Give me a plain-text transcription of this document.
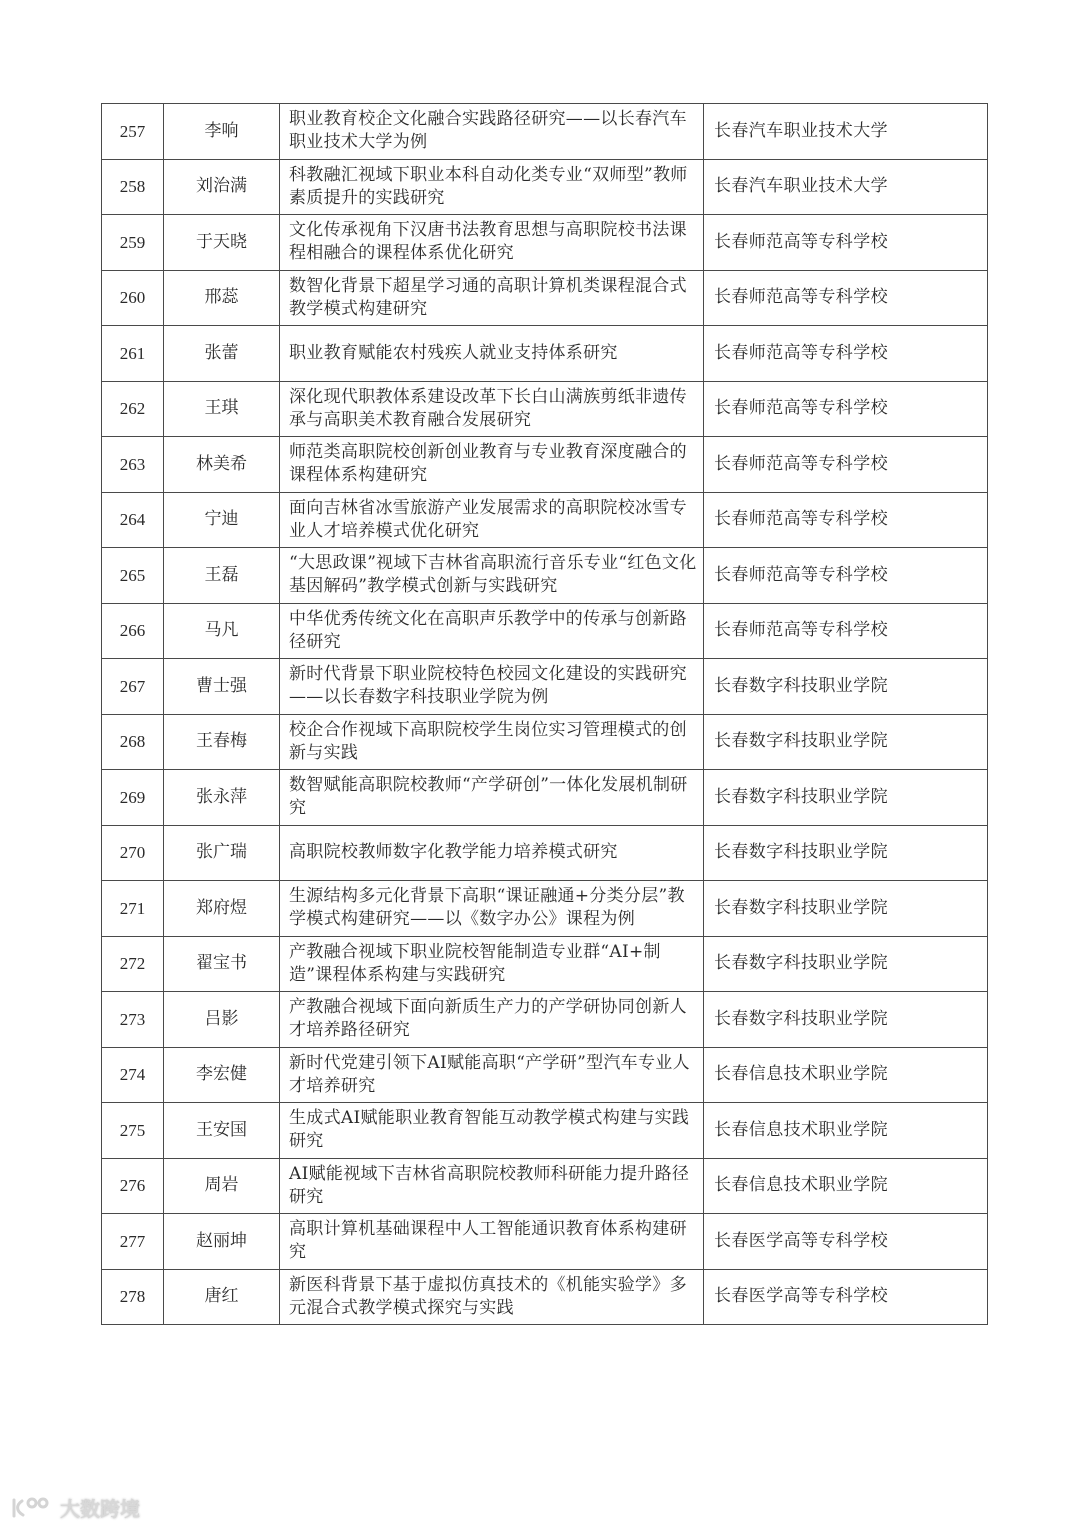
257	李响	职业教育校企文化融合实践路径研究——以长春汽车职业技术大学为例	长春汽车职业技术大学
258	刘治满	科教融汇视域下职业本科自动化类专业“双师型”教师素质提升的实践研究	长春汽车职业技术大学
259	于天晓	文化传承视角下汉唐书法教育思想与高职院校书法课程相融合的课程体系优化研究	长春师范高等专科学校
260	邢蕊	数智化背景下超星学习通的高职计算机类课程混合式教学模式构建研究	长春师范高等专科学校
261	张蕾	职业教育赋能农村残疾人就业支持体系研究	长春师范高等专科学校
262	王琪	深化现代职教体系建设改革下长白山满族剪纸非遗传承与高职美术教育融合发展研究	长春师范高等专科学校
263	林美希	师范类高职院校创新创业教育与专业教育深度融合的课程体系构建研究	长春师范高等专科学校
264	宁迪	面向吉林省冰雪旅游产业发展需求的高职院校冰雪专业人才培养模式优化研究	长春师范高等专科学校
265	王磊	“大思政课”视域下吉林省高职流行音乐专业“红色文化基因解码”教学模式创新与实践研究	长春师范高等专科学校
266	马凡	中华优秀传统文化在高职声乐教学中的传承与创新路径研究	长春师范高等专科学校
267	曹士强	新时代背景下职业院校特色校园文化建设的实践研究——以长春数字科技职业学院为例	长春数字科技职业学院
268	王春梅	校企合作视域下高职院校学生岗位实习管理模式的创新与实践	长春数字科技职业学院
269	张永萍	数智赋能高职院校教师“产学研创”一体化发展机制研究	长春数字科技职业学院
270	张广瑞	高职院校教师数字化教学能力培养模式研究	长春数字科技职业学院
271	郑府煜	生源结构多元化背景下高职“课证融通+分类分层”教学模式构建研究——以《数字办公》课程为例	长春数字科技职业学院
272	翟宝书	产教融合视域下职业院校智能制造专业群“AI+制造”课程体系构建与实践研究	长春数字科技职业学院
273	吕影	产教融合视域下面向新质生产力的产学研协同创新人才培养路径研究	长春数字科技职业学院
274	李宏健	新时代党建引领下AI赋能高职“产学研”型汽车专业人才培养研究	长春信息技术职业学院
275	王安国	生成式AI赋能职业教育智能互动教学模式构建与实践研究	长春信息技术职业学院
276	周岩	AI赋能视域下吉林省高职院校教师科研能力提升路径研究	长春信息技术职业学院
277	赵丽坤	高职计算机基础课程中人工智能通识教育体系构建研究	长春医学高等专科学校
278	唐红	新医科背景下基于虚拟仿真技术的《机能实验学》多元混合式教学模式探究与实践	长春医学高等专科学校
大数跨境
